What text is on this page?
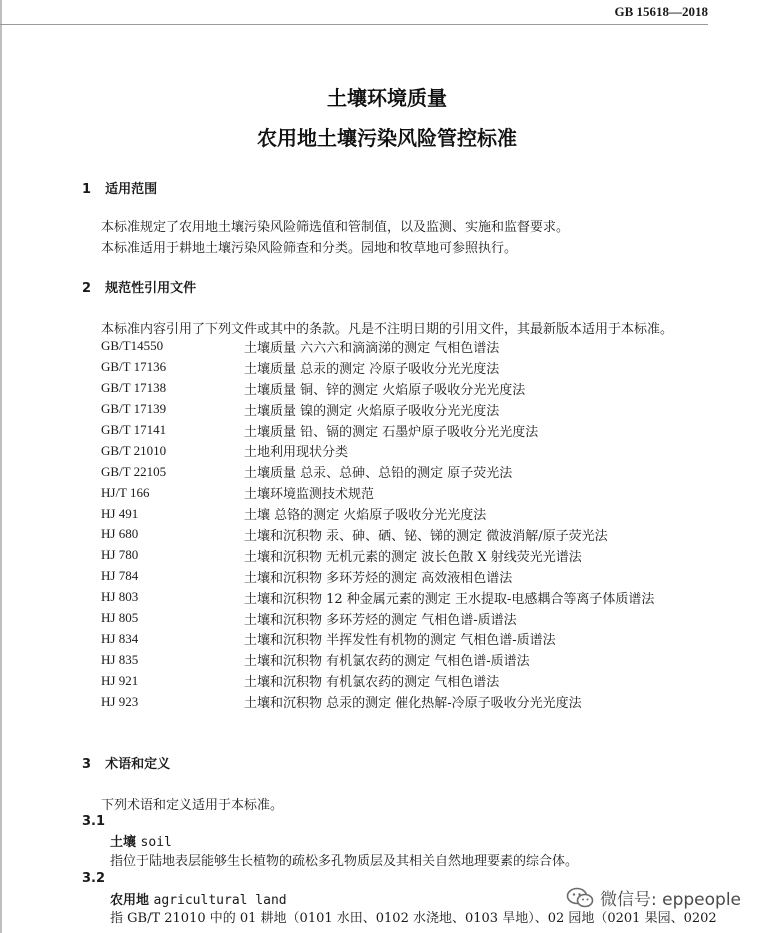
GB 15618—2018
土壤环境质量
农用地土壤污染风险管控标准
1 适用范围
本标准规定了农用地土壤污染风险筛选值和管制值，以及监测、实施和监督要求。
本标准适用于耕地土壤污染风险筛查和分类。园地和牧草地可参照执行。
2 规范性引用文件
本标准内容引用了下列文件或其中的条款。凡是不注明日期的引用文件，其最新版本适用于本标准。
GB/T14550	土壤质量 六六六和滴滴涕的测定 气相色谱法
GB/T 17136	土壤质量 总汞的测定 冷原子吸收分光光度法
GB/T 17138	土壤质量 铜、锌的测定 火焰原子吸收分光光度法
GB/T 17139	土壤质量 镍的测定 火焰原子吸收分光光度法
GB/T 17141	土壤质量 铅、镉的测定 石墨炉原子吸收分光光度法
GB/T 21010	土地利用现状分类
GB/T 22105	土壤质量 总汞、总砷、总铅的测定 原子荧光法
HJ/T 166	土壤环境监测技术规范
HJ 491	土壤 总铬的测定 火焰原子吸收分光光度法
HJ 680	土壤和沉积物 汞、砷、硒、铋、锑的测定 微波消解/原子荧光法
HJ 780	土壤和沉积物 无机元素的测定 波长色散 X 射线荧光光谱法
HJ 784	土壤和沉积物 多环芳烃的测定 高效液相色谱法
HJ 803	土壤和沉积物 12 种金属元素的测定 王水提取-电感耦合等离子体质谱法
HJ 805	土壤和沉积物 多环芳烃的测定 气相色谱-质谱法
HJ 834	土壤和沉积物 半挥发性有机物的测定 气相色谱-质谱法
HJ 835	土壤和沉积物 有机氯农药的测定 气相色谱-质谱法
HJ 921	土壤和沉积物 有机氯农药的测定 气相色谱法
HJ 923	土壤和沉积物 总汞的测定 催化热解-冷原子吸收分光光度法
3 术语和定义
下列术语和定义适用于本标准。
3.1
土壤 soil
指位于陆地表层能够生长植物的疏松多孔物质层及其相关自然地理要素的综合体。
3.2
农用地 agricultural land
指 GB/T 21010 中的 01 耕地（0101 水田、0102 水浇地、0103 旱地）、02 园地（0201 果园、0202
微信号: eppeople
